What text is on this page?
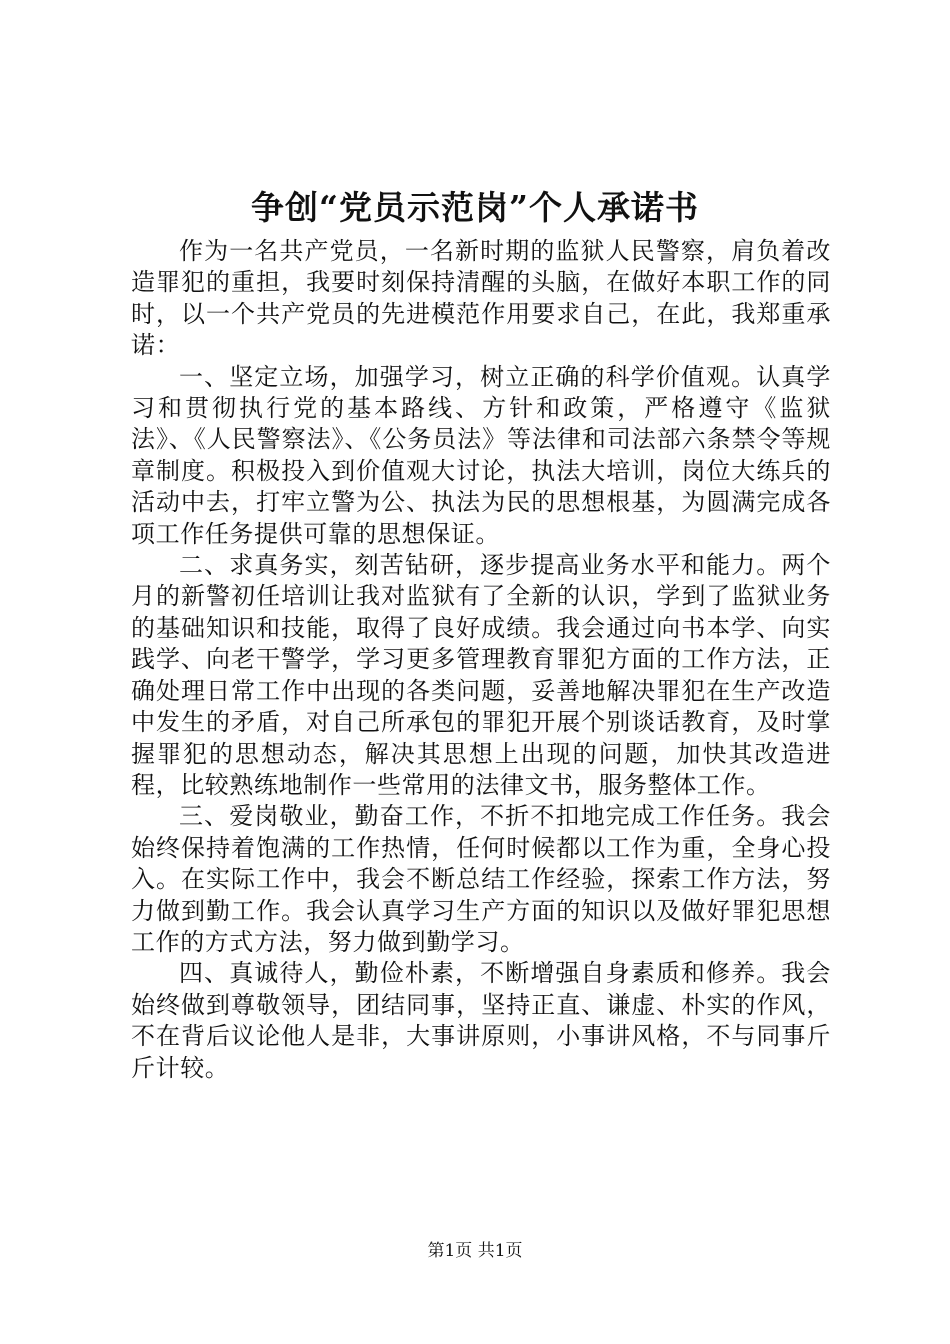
争创“党员示范岗”个人承诺书

作为一名共产党员，一名新时期的监狱人民警察，肩负着改造罪犯的重担，我要时刻保持清醒的头脑，在做好本职工作的同时，以一个共产党员的先进模范作用要求自己，在此，我郑重承诺：

一、坚定立场，加强学习，树立正确的科学价值观。认真学习和贯彻执行党的基本路线、方针和政策，严格遵守《监狱法》、《人民警察法》、《公务员法》等法律和司法部六条禁令等规章制度。积极投入到价值观大讨论，执法大培训，岗位大练兵的活动中去，打牢立警为公、执法为民的思想根基，为圆满完成各项工作任务提供可靠的思想保证。

二、求真务实，刻苦钻研，逐步提高业务水平和能力。两个月的新警初任培训让我对监狱有了全新的认识，学到了监狱业务的基础知识和技能，取得了良好成绩。我会通过向书本学、向实践学、向老干警学，学习更多管理教育罪犯方面的工作方法，正确处理日常工作中出现的各类问题，妥善地解决罪犯在生产改造中发生的矛盾，对自己所承包的罪犯开展个别谈话教育，及时掌握罪犯的思想动态，解决其思想上出现的问题，加快其改造进程，比较熟练地制作一些常用的法律文书，服务整体工作。

三、爱岗敬业，勤奋工作，不折不扣地完成工作任务。我会始终保持着饱满的工作热情，任何时候都以工作为重，全身心投入。在实际工作中，我会不断总结工作经验，探索工作方法，努力做到勤工作。我会认真学习生产方面的知识以及做好罪犯思想工作的方式方法，努力做到勤学习。

四、真诚待人，勤俭朴素，不断增强自身素质和修养。我会始终做到尊敬领导，团结同事，坚持正直、谦虚、朴实的作风，不在背后议论他人是非，大事讲原则，小事讲风格，不与同事斤斤计较。

第1页 共1页
